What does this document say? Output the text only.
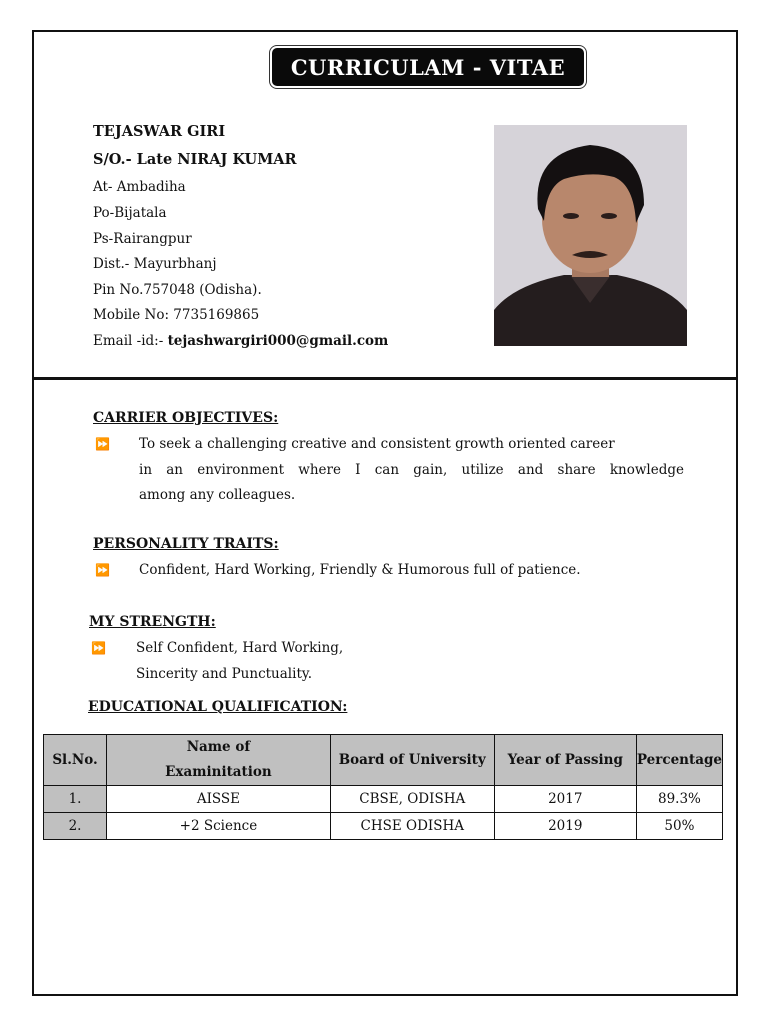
CURRICULAM - VITAE
TEJASWAR GIRI
S/O.- Late NIRAJ KUMAR
At- Ambadiha
Po-Bijatala
Ps-Rairangpur
Dist.- Mayurbhanj
Pin No.757048 (Odisha).
Mobile No: 7735169865
Email -id:- tejashwargiri000@gmail.com
CARRIER OBJECTIVES:
⏩ To seek a challenging creative and consistent growth oriented career
in an environment where I can gain, utilize and share knowledge
among any colleagues.
PERSONALITY TRAITS:
⏩ Confident, Hard Working, Friendly & Humorous full of patience.
MY STRENGTH:
⏩ Self Confident, Hard Working,
Sincerity and Punctuality.
EDUCATIONAL QUALIFICATION:
Sl.No.	Name of Examinitation	Board of University	Year of Passing	Percentage
1.	AISSE	CBSE, ODISHA	2017	89.3%
2.	+2 Science	CHSE ODISHA	2019	50%
